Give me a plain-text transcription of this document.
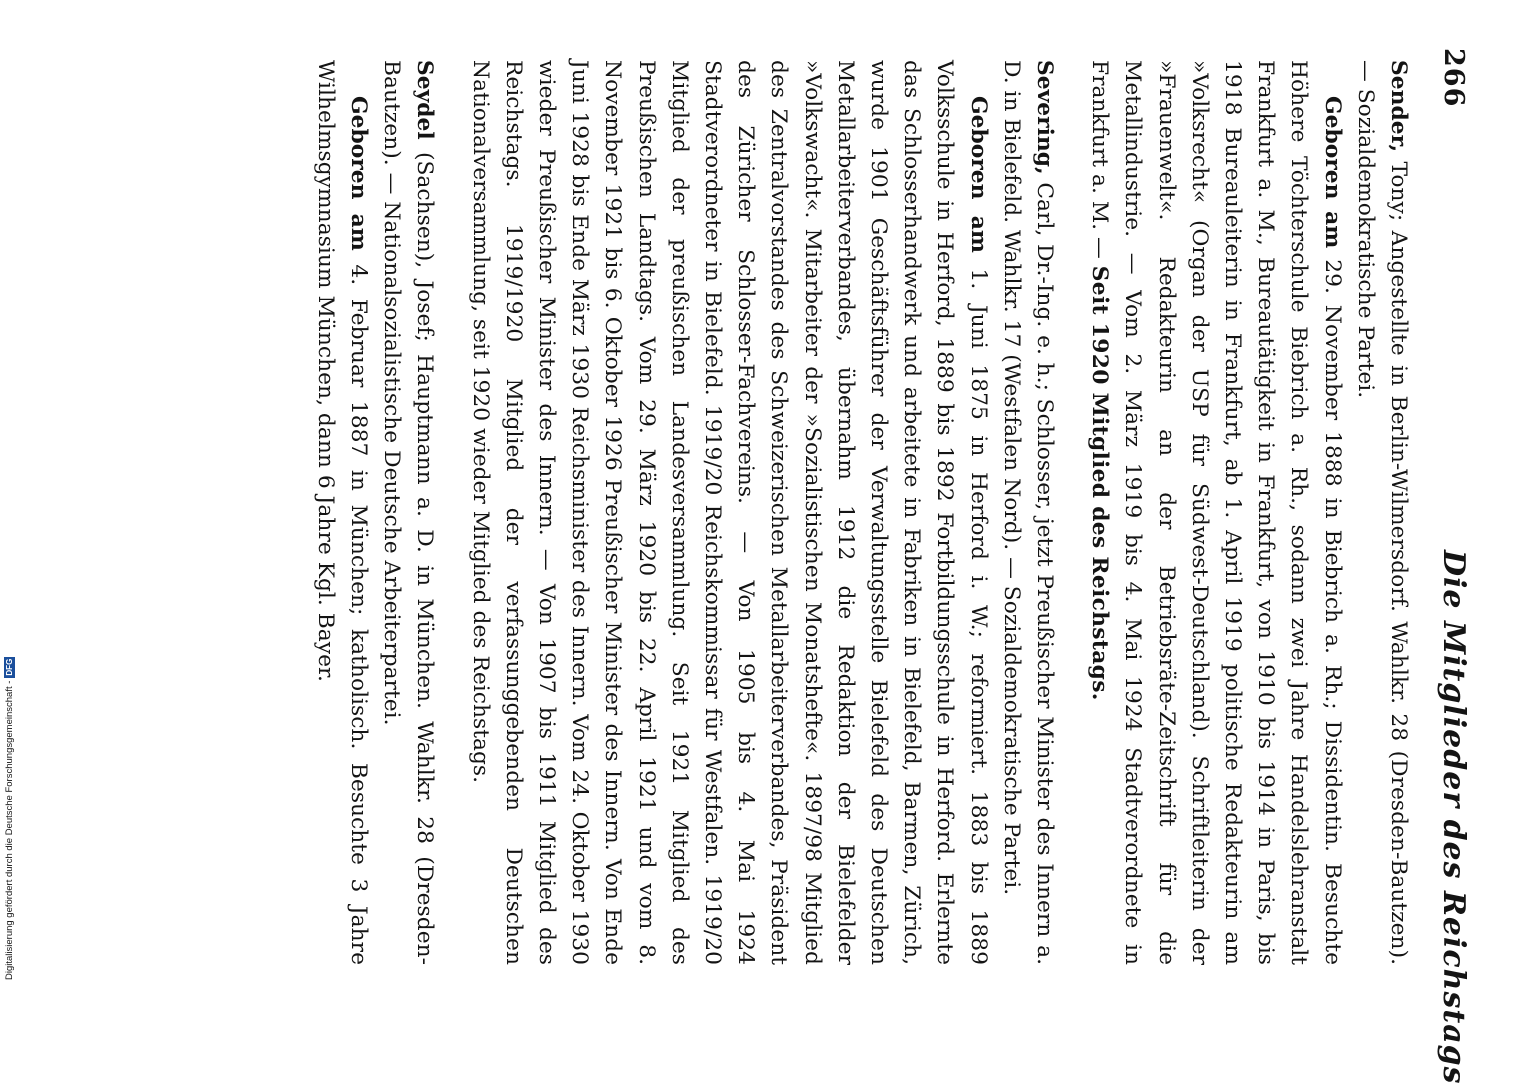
266
Die Mitglieder des Reichstags

Sender, Tony; Angestellte in Berlin-Wilmersdorf. Wahlkr. 28 (Dresden-Bautzen). — Sozialdemokratische Partei.

Geboren am 29. November 1888 in Biebrich a. Rh.; Dissidentin. Besuchte Höhere Töchterschule Biebrich a. Rh., sodann zwei Jahre Handelslehranstalt Frankfurt a. M., Bureautätigkeit in Frankfurt, von 1910 bis 1914 in Paris, bis 1918 Bureauleiterin in Frankfurt, ab 1. April 1919 politische Redakteurin am »Volksrecht« (Organ der USP für Südwest-Deutschland). Schriftleiterin der »Frauenwelt«. Redakteurin an der Betriebsräte-Zeitschrift für die Metallindustrie. — Vom 2. März 1919 bis 4. Mai 1924 Stadtverordnete in Frankfurt a. M. — Seit 1920 Mitglied des Reichstags.

Severing, Carl, Dr.-Ing. e. h.; Schlosser, jetzt Preußischer Minister des Innern a. D. in Bielefeld. Wahlkr. 17 (Westfalen Nord). — Sozialdemokratische Partei.

Geboren am 1. Juni 1875 in Herford i. W.; reformiert. 1883 bis 1889 Volksschule in Herford, 1889 bis 1892 Fortbildungsschule in Herford. Erlernte das Schlosserhandwerk und arbeitete in Fabriken in Bielefeld, Barmen, Zürich, wurde 1901 Geschäftsführer der Verwaltungsstelle Bielefeld des Deutschen Metallarbeiterverbandes, übernahm 1912 die Redaktion der Bielefelder »Volkswacht«. Mitarbeiter der »Sozialistischen Monatshefte«. 1897/98 Mitglied des Zentralvorstandes des Schweizerischen Metallarbeiterverbandes, Präsident des Züricher Schlosser-Fachvereins. — Von 1905 bis 4. Mai 1924 Stadtverordneter in Bielefeld. 1919/20 Reichskommissar für Westfalen. 1919/20 Mitglied der preußischen Landesversammlung. Seit 1921 Mitglied des Preußischen Landtags. Vom 29. März 1920 bis 22. April 1921 und vom 8. November 1921 bis 6. Oktober 1926 Preußischer Minister des Innern. Von Ende Juni 1928 bis Ende März 1930 Reichsminister des Innern. Vom 24. Oktober 1930 wieder Preußischer Minister des Innern. — Von 1907 bis 1911 Mitglied des Reichstags. 1919/1920 Mitglied der verfassunggebenden Deutschen Nationalversammlung, seit 1920 wieder Mitglied des Reichstags.

Seydel (Sachsen), Josef; Hauptmann a. D. in München. Wahlkr. 28 (Dresden-Bautzen). — Nationalsozialistische Deutsche Arbeiterpartei.

Geboren am 4. Februar 1887 in München; katholisch. Besuchte 3 Jahre Wilhelmsgymnasium München, dann 6 Jahre Kgl. Bayer.

Digitalisierung gefördert durch die Deutsche Forschungsgemeinschaft -DFG
